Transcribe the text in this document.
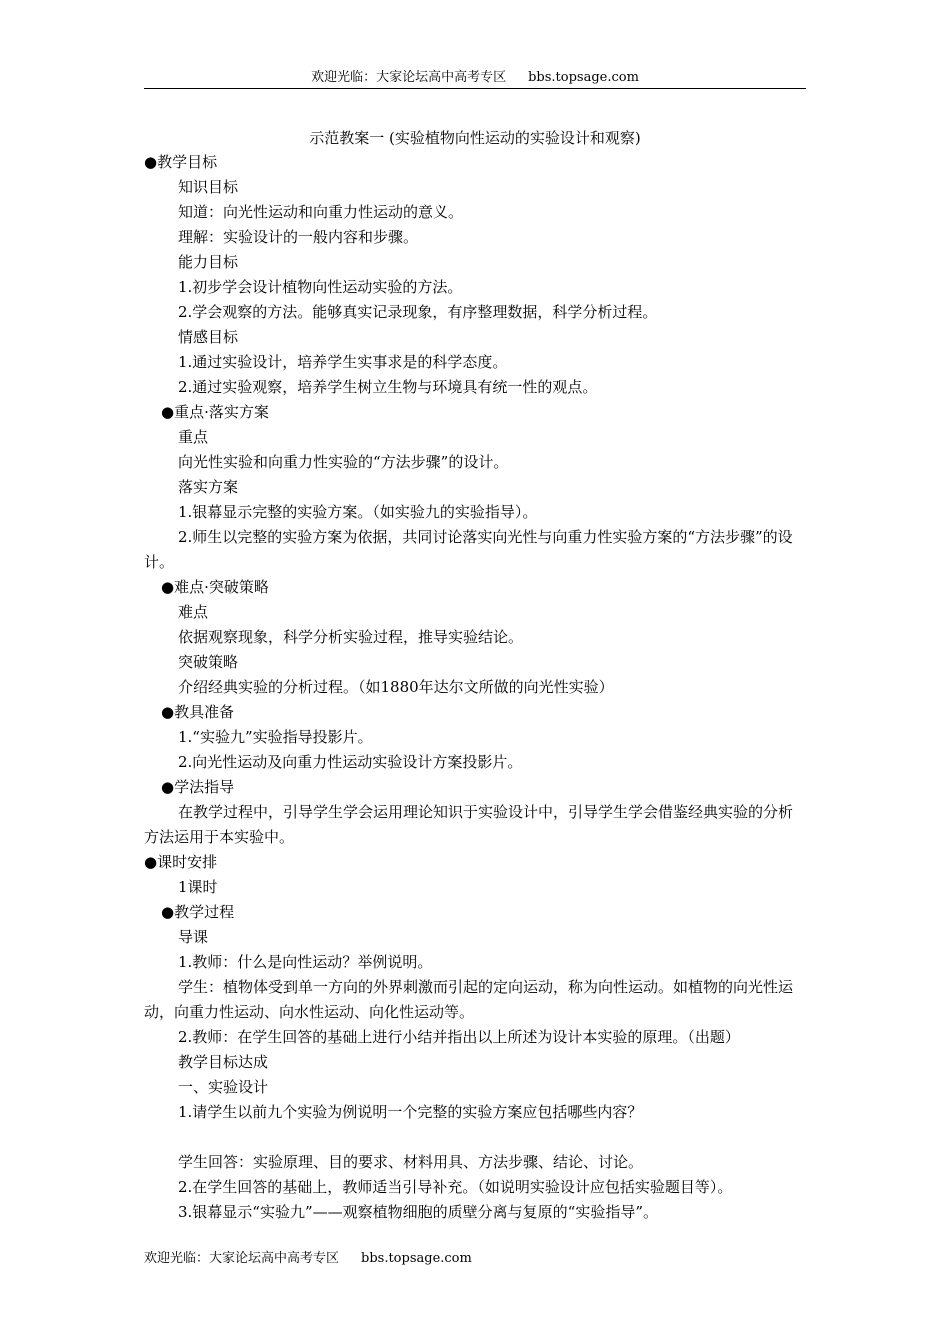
欢迎光临：大家论坛高中高考专区 bbs.topsage.com
示范教案一 (实验植物向性运动的实验设计和观察)
●教学目标
知识目标
知道：向光性运动和向重力性运动的意义。
理解：实验设计的一般内容和步骤。
能力目标
1.初步学会设计植物向性运动实验的方法。
2.学会观察的方法。能够真实记录现象，有序整理数据，科学分析过程。
情感目标
1.通过实验设计，培养学生实事求是的科学态度。
2.通过实验观察，培养学生树立生物与环境具有统一性的观点。
●重点·落实方案
重点
向光性实验和向重力性实验的“方法步骤”的设计。
落实方案
1.银幕显示完整的实验方案。（如实验九的实验指导）。
2.师生以完整的实验方案为依据，共同讨论落实向光性与向重力性实验方案的“方法步骤”的设计。
●难点·突破策略
难点
依据观察现象，科学分析实验过程，推导实验结论。
突破策略
介绍经典实验的分析过程。（如1880年达尔文所做的向光性实验）
●教具准备
1.“实验九”实验指导投影片。
2.向光性运动及向重力性运动实验设计方案投影片。
●学法指导
在教学过程中，引导学生学会运用理论知识于实验设计中，引导学生学会借鉴经典实验的分析方法运用于本实验中。
●课时安排
1课时
●教学过程
导课
1.教师：什么是向性运动？举例说明。
学生：植物体受到单一方向的外界刺激而引起的定向运动，称为向性运动。如植物的向光性运动，向重力性运动、向水性运动、向化性运动等。
2.教师：在学生回答的基础上进行小结并指出以上所述为设计本实验的原理。（出题）
教学目标达成
一、实验设计
1.请学生以前九个实验为例说明一个完整的实验方案应包括哪些内容？
学生回答：实验原理、目的要求、材料用具、方法步骤、结论、讨论。
2.在学生回答的基础上，教师适当引导补充。（如说明实验设计应包括实验题目等）。
3.银幕显示“实验九”——观察植物细胞的质壁分离与复原的“实验指导”。
欢迎光临：大家论坛高中高考专区 bbs.topsage.com
